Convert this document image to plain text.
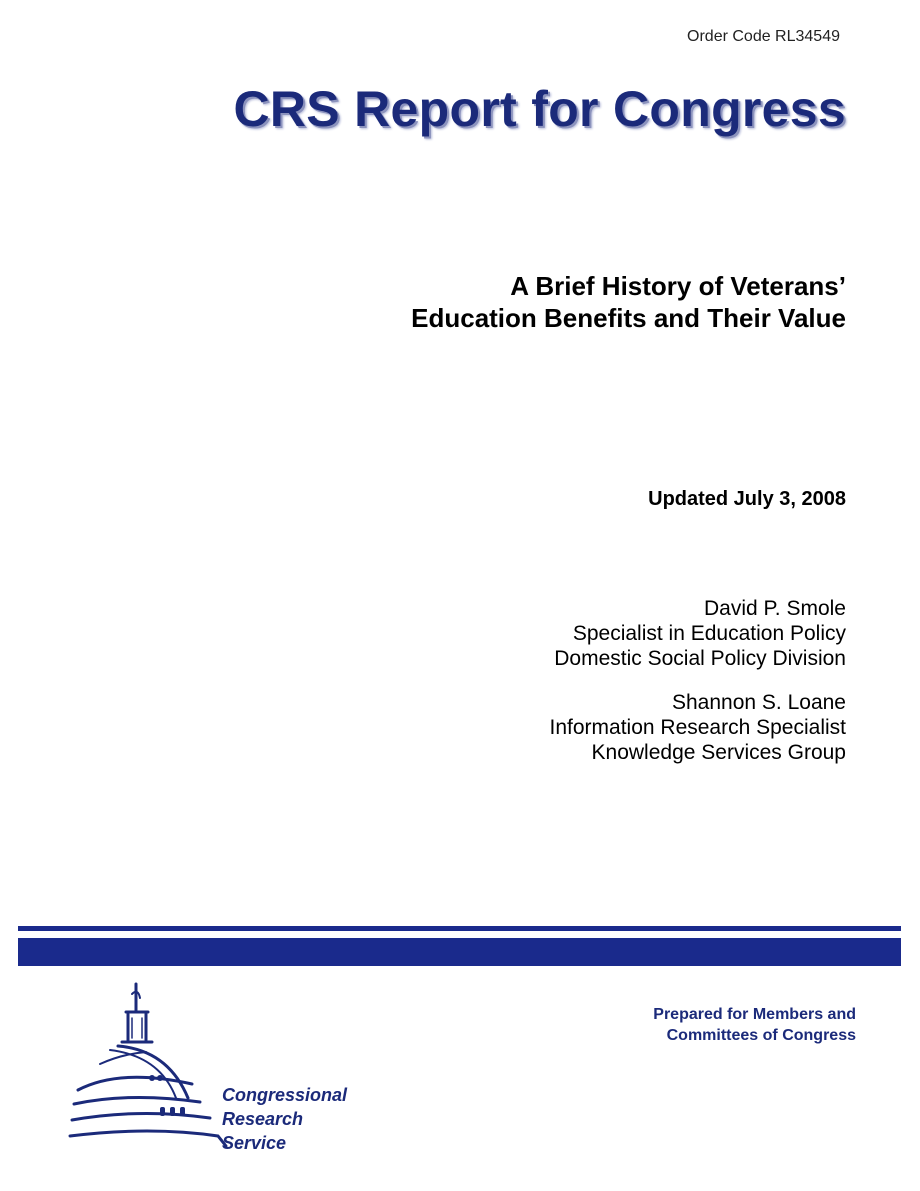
Order Code RL34549
CRS Report for Congress
A Brief History of Veterans’
Education Benefits and Their Value
Updated July 3, 2008
David P. Smole
Specialist in Education Policy
Domestic Social Policy Division
Shannon S. Loane
Information Research Specialist
Knowledge Services Group
Congressional
Research
Service
Prepared for Members and
Committees of Congress
